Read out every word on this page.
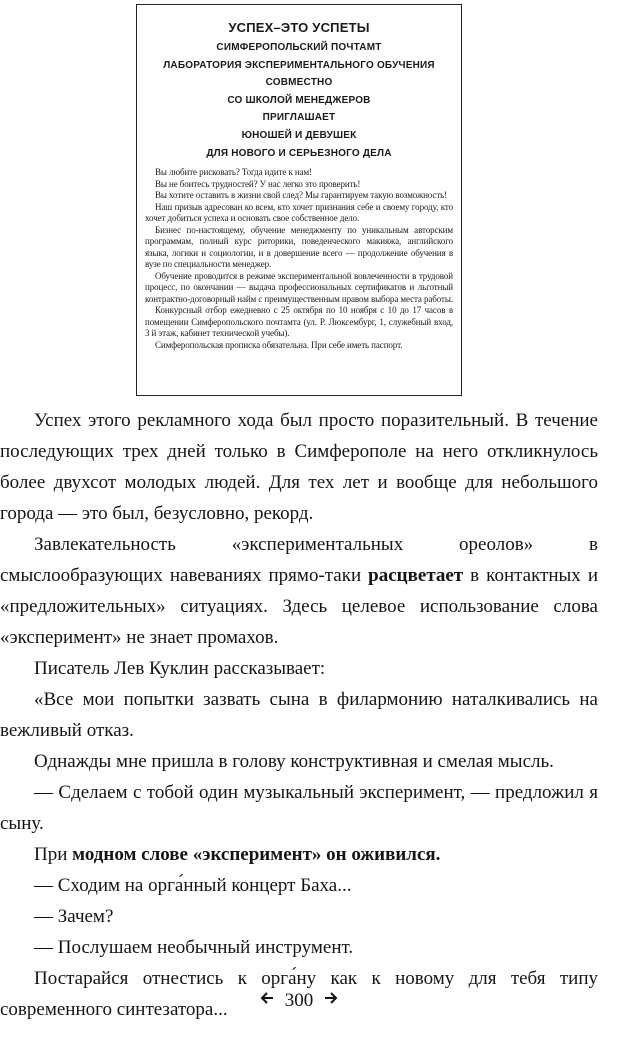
УСПЕХ–ЭТО УСПЕТЫ
СИМФЕРОПОЛЬСКИЙ ПОЧТАМТ
ЛАБОРАТОРИЯ ЭКСПЕРИМЕНТАЛЬНОГО ОБУЧЕНИЯ
СОВМЕСТНО
СО ШКОЛОЙ МЕНЕДЖЕРОВ
ПРИГЛАШАЕТ
ЮНОШЕЙ И ДЕВУШЕК
ДЛЯ НОВОГО И СЕРЬЕЗНОГО ДЕЛА

Вы любите рисковать? Тогда идите к нам!

Вы не боитесь трудностей? У нас легко это проверить!

Вы хотите оставить в жизни свой след? Мы гарантируем такую возможность!

Наш призыв адресован ко всем, кто хочет признания себе и своему городу, кто хочет добиться успеха и основать свое собственное дело.

Бизнес по-настоящему, обучение менеджменту по уникальным авторским программам, полный курс риторики, поведенческого макияжа, английского языка, логики и социологии, и в довершение всего — продолжение обучения в вузе по специальности менеджер.

Обучение проводится в режиме экспериментальной вовлеченности в трудовой процесс, по окончании — выдача профессиональных сертификатов и льготный контрактно-договорный найм с преимущественным правом выбора места работы.

Конкурсный отбор ежедневно с 25 октября по 10 ноября с 10 до 17 часов в помещении Симферопольского почтамта (ул. Р. Люксембург, 1, служебный вход, 3 й этаж, кабинет технической учебы).

Симферопольская прописка обязательна. При себе иметь паспорт.

Успех этого рекламного хода был просто поразительный. В течение последующих трех дней только в Симферополе на него откликнулось более двухсот молодых людей. Для тех лет и вообще для небольшого города — это был, безусловно, рекорд.

Завлекательность «экспериментальных ореолов» в смыслообразующих навеваниях прямо-таки расцветает в контактных и «предложительных» ситуациях. Здесь целевое использование слова «эксперимент» не знает промахов.

Писатель Лев Куклин рассказывает:

«Все мои попытки зазвать сына в филармонию наталкивались на вежливый отказ.

Однажды мне пришла в голову конструктивная и смелая мысль.

— Сделаем с тобой один музыкальный эксперимент, — предложил я сыну.

При модном слове «эксперимент» он оживился.

— Сходим на орга́нный концерт Баха...

— Зачем?

— Послушаем необычный инструмент.

Постарайся отнестись к орга́ну как к новому для тебя типу современного синтезатора...	300
